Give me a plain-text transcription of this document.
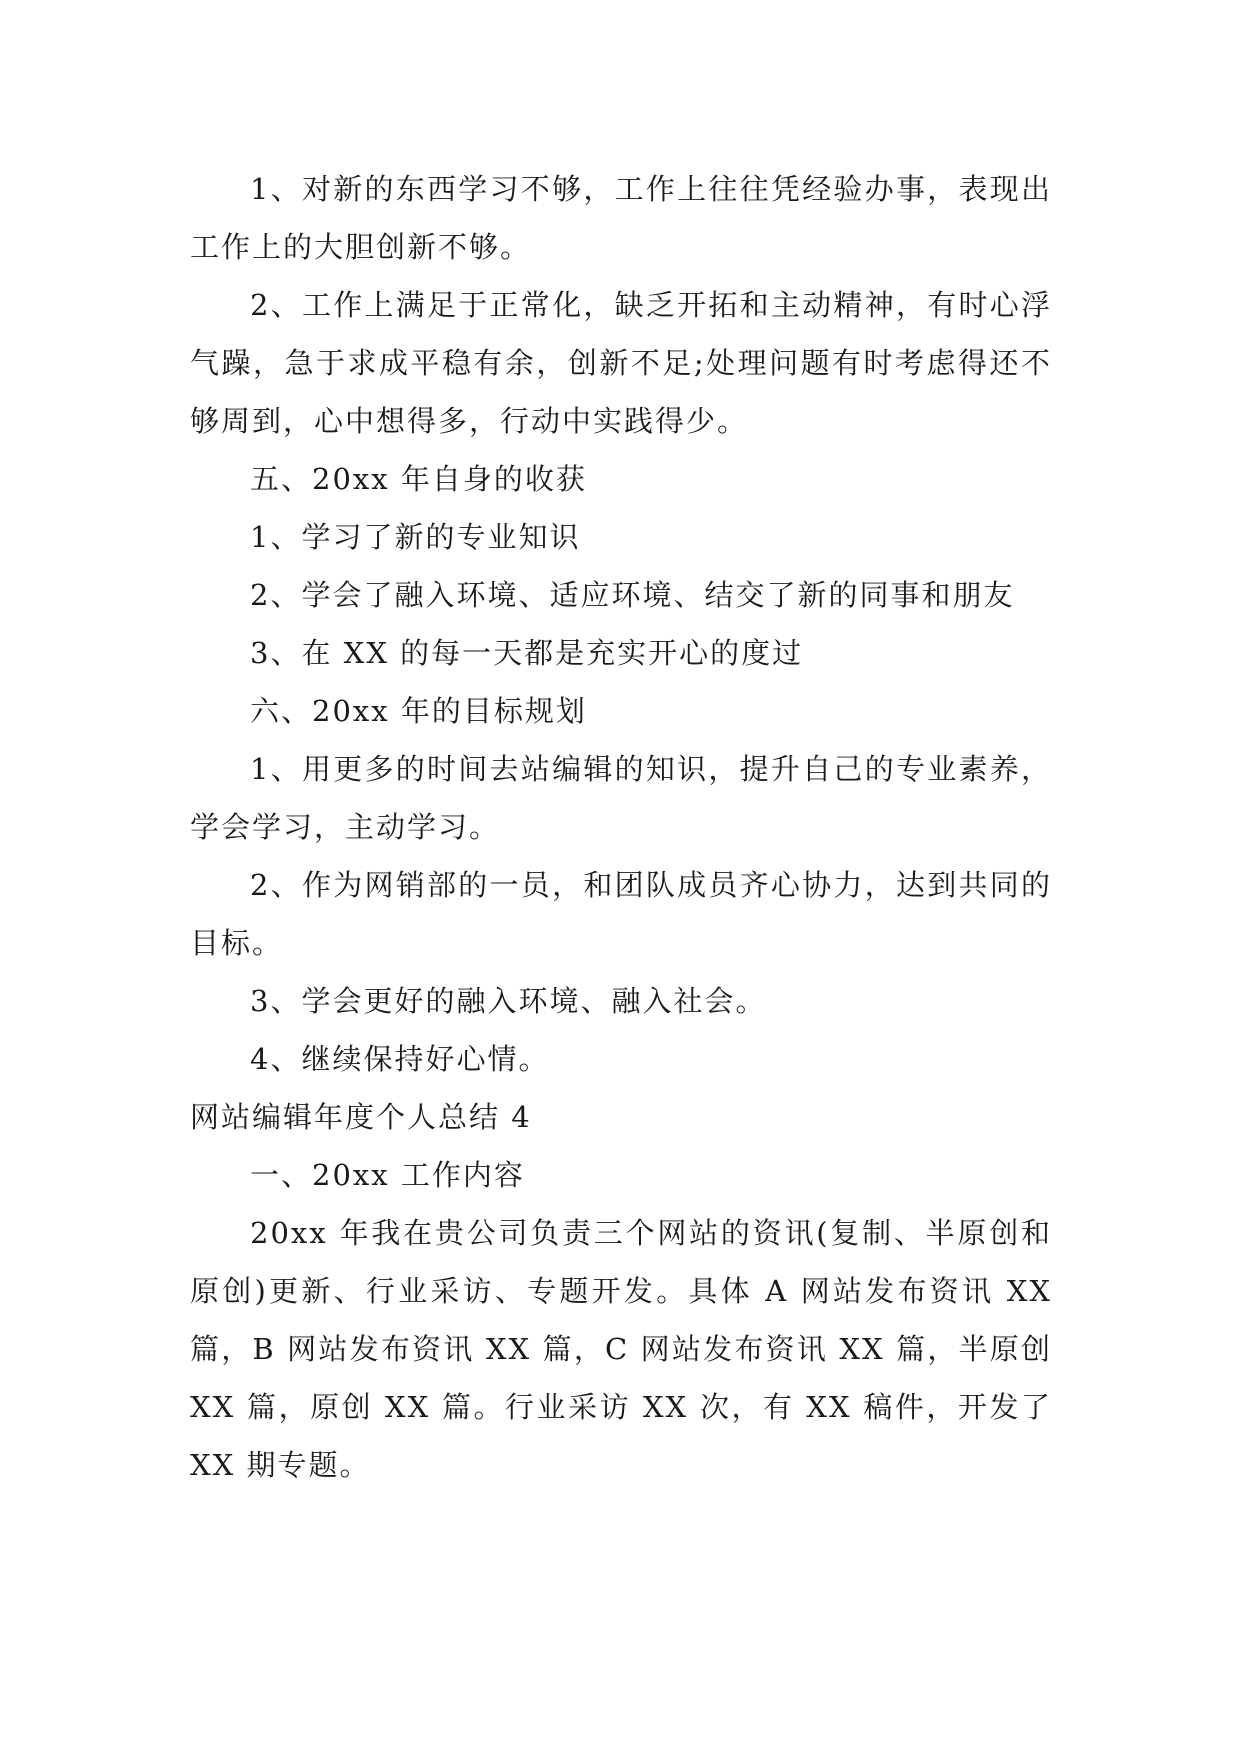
1、对新的东西学习不够，工作上往往凭经验办事，表现出工作上的大胆创新不够。

2、工作上满足于正常化，缺乏开拓和主动精神，有时心浮气躁，急于求成平稳有余，创新不足;处理问题有时考虑得还不够周到，心中想得多，行动中实践得少。

五、20xx 年自身的收获

1、学习了新的专业知识

2、学会了融入环境、适应环境、结交了新的同事和朋友

3、在 XX 的每一天都是充实开心的度过

六、20xx 年的目标规划

1、用更多的时间去站编辑的知识，提升自己的专业素养，学会学习，主动学习。

2、作为网销部的一员，和团队成员齐心协力，达到共同的目标。

3、学会更好的融入环境、融入社会。

4、继续保持好心情。

网站编辑年度个人总结 4

一、20xx 工作内容

20xx 年我在贵公司负责三个网站的资讯(复制、半原创和原创)更新、行业采访、专题开发。具体 A 网站发布资讯 XX 篇，B 网站发布资讯 XX 篇，C 网站发布资讯 XX 篇，半原创 XX 篇，原创 XX 篇。行业采访 XX 次，有 XX 稿件，开发了 XX 期专题。
